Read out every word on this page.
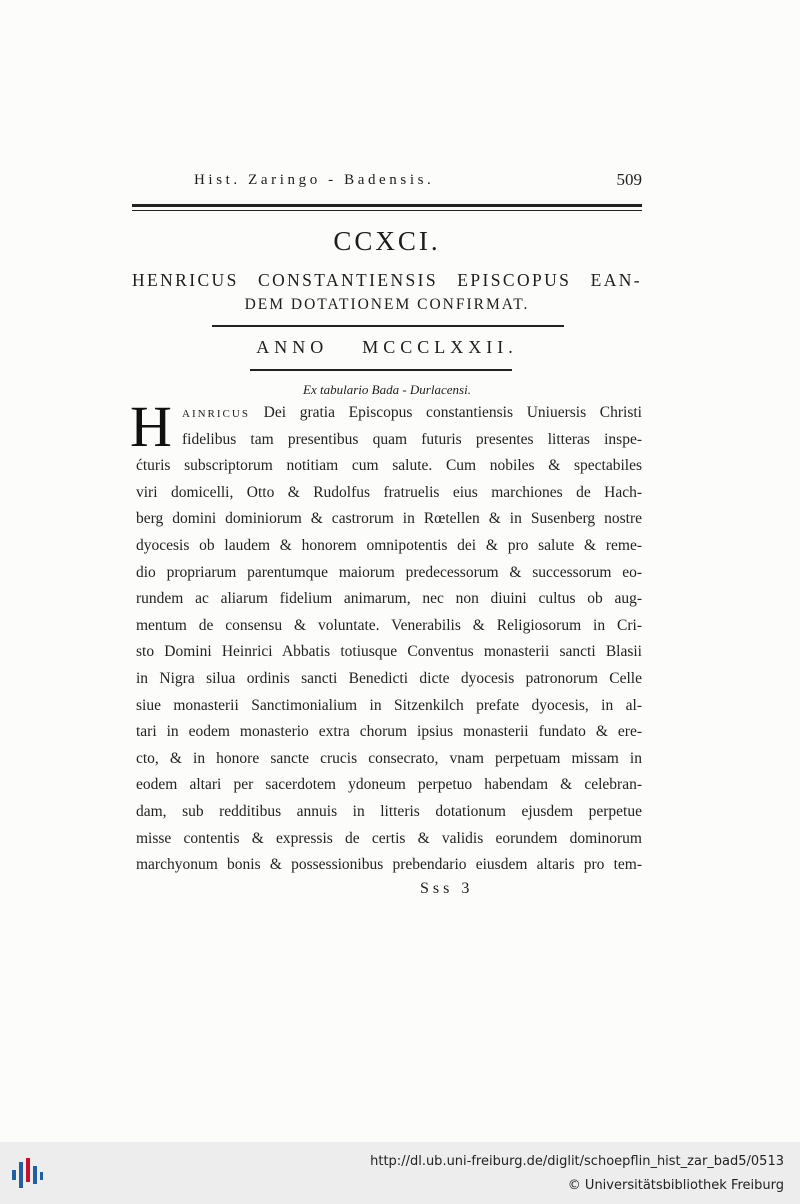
Hist. Zaringo - Badensis.	509
CCXCI.
HENRICUS CONSTANTIENSIS EPISCOPUS EAN-
DEM DOTATIONEM CONFIRMAT.
ANNO MCCCLXXII.
Ex tabulario Bada - Durlacensi.
H ainricus Dei gratia Episcopus constantiensis Uniuersis Christi
fidelibus tam presentibus quam futuris presentes litteras inspe-
ćturis subscriptorum notitiam cum salute. Cum nobiles & spectabiles
viri domicelli, Otto & Rudolfus fratruelis eius marchiones de Hach-
berg domini dominiorum & castrorum in Rœtellen & in Susenberg nostre
dyocesis ob laudem & honorem omnipotentis dei & pro salute & reme-
dio propriarum parentumque maiorum predecessorum & successorum eo-
rundem ac aliarum fidelium animarum, nec non diuini cultus ob aug-
mentum de consensu & voluntate. Venerabilis & Religiosorum in Cri-
sto Domini Heinrici Abbatis totiusque Conventus monasterii sancti Blasii
in Nigra silua ordinis sancti Benedicti dicte dyocesis patronorum Celle
siue monasterii Sanctimonialium in Sitzenkilch prefate dyocesis, in al-
tari in eodem monasterio extra chorum ipsius monasterii fundato & ere-
cto, & in honore sancte crucis consecrato, vnam perpetuam missam in
eodem altari per sacerdotem ydoneum perpetuo habendam & celebran-
dam, sub redditibus annuis in litteris dotationum ejusdem perpetue
misse contentis & expressis de certis & validis eorundem dominorum
marchyonum bonis & possessionibus prebendario eiusdem altaris pro tem-
Sss 3
http://dl.ub.uni-freiburg.de/diglit/schoepflin_hist_zar_bad5/0513
© Universitätsbibliothek Freiburg
